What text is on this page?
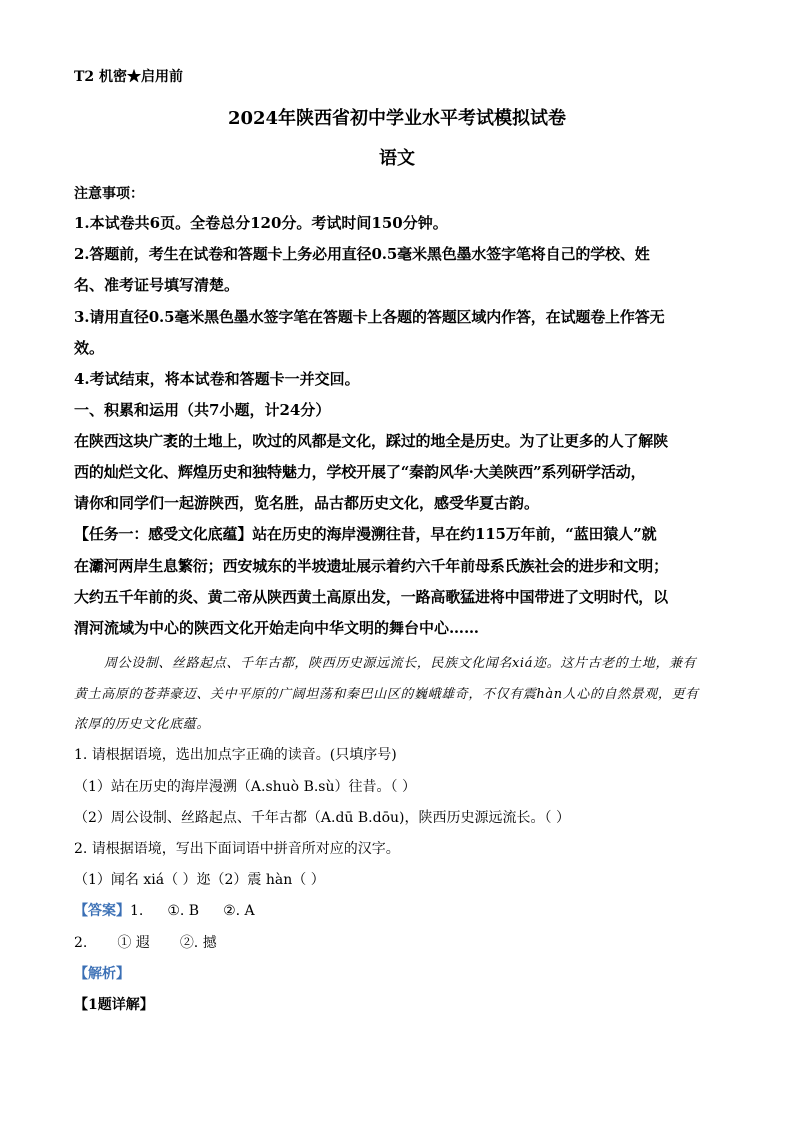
T2 机密★启用前

2024年陕西省初中学业水平考试模拟试卷

语文

注意事项：

1.本试卷共6页。全卷总分120分。考试时间150分钟。

2.答题前，考生在试卷和答题卡上务必用直径0.5毫米黑色墨水签字笔将自己的学校、姓

名、准考证号填写清楚。

3.请用直径0.5毫米黑色墨水签字笔在答题卡上各题的答题区域内作答，在试题卷上作答无

效。

4.考试结束，将本试卷和答题卡一并交回。

一、积累和运用（共7小题，计24分）

在陕西这块广袤的土地上，吹过的风都是文化，踩过的地全是历史。为了让更多的人了解陕

西的灿烂文化、辉煌历史和独特魅力，学校开展了“秦韵风华·大美陕西”系列研学活动，

请你和同学们一起游陕西，览名胜，品古都历史文化，感受华夏古韵。

【任务一：感受文化底蕴】站在历史的海岸漫溯往昔，早在约115万年前，“蓝田猿人”就

在灞河两岸生息繁衍；西安城东的半坡遗址展示着约六千年前母系氏族社会的进步和文明；

大约五千年前的炎、黄二帝从陕西黄土高原出发，一路高歌猛进将中国带进了文明时代，以

渭河流域为中心的陕西文化开始走向中华文明的舞台中心……

周公设制、丝路起点、千年古都，陕西历史源远流长，民族文化闻名xiá迩。这片古老的土地，兼有

黄土高原的苍莽豪迈、关中平原的广阔坦荡和秦巴山区的巍峨雄奇，不仅有震hàn人心的自然景观，更有

浓厚的历史文化底蕴。

1. 请根据语境，选出加点字正确的读音。(只填序号)

（1）站在历史的海岸漫溯（A.shuò B.sù）往昔。（ ）

（2）周公设制、丝路起点、千年古都（A.dū B.dōu)，陕西历史源远流长。（ ）

2. 请根据语境，写出下面词语中拼音所对应的汉字。

（1）闻名 xiá（ ）迩（2）震 hàn（ ）

【答案】1. ①. B ②. A

2. ① 遐 ②. 撼

【解析】

【1题详解】
